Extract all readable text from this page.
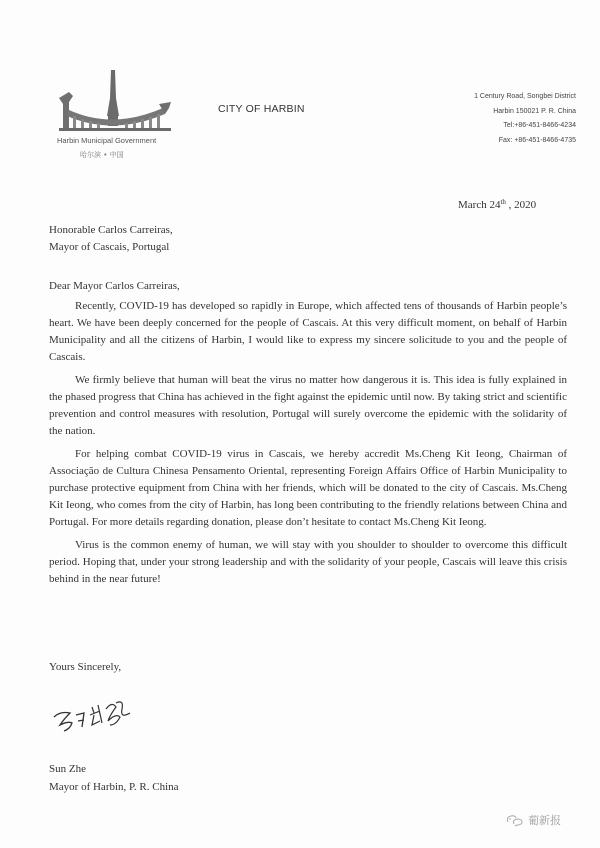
Harbin Municipal Government
哈尔滨 • 中国
CITY OF HARBIN
1 Century Road, Songbei District
Harbin 150021 P. R. China
Tel:+86-451-8466-4234
Fax: +86-451-8466-4735
March 24th , 2020
Honorable Carlos Carreiras,
Mayor of Cascais, Portugal
Dear Mayor Carlos Carreiras,

Recently, COVID-19 has developed so rapidly in Europe, which affected tens of thousands of Harbin people’s heart. We have been deeply concerned for the people of Cascais. At this very difficult moment, on behalf of Harbin Municipality and all the citizens of Harbin, I would like to express my sincere solicitude to you and the people of Cascais.

We firmly believe that human will beat the virus no matter how dangerous it is. This idea is fully explained in the phased progress that China has achieved in the fight against the epidemic until now. By taking strict and scientific prevention and control measures with resolution, Portugal will surely overcome the epidemic with the solidarity of the nation.

For helping combat COVID-19 virus in Cascais, we hereby accredit Ms.Cheng Kit Ieong, Chairman of Associação de Cultura Chinesa Pensamento Oriental, representing Foreign Affairs Office of Harbin Municipality to purchase protective equipment from China with her friends, which will be donated to the city of Cascais. Ms.Cheng Kit Ieong, who comes from the city of Harbin, has long been contributing to the friendly relations between China and Portugal. For more details regarding donation, please don’t hesitate to contact Ms.Cheng Kit Ieong.

Virus is the common enemy of human, we will stay with you shoulder to shoulder to overcome this difficult period. Hoping that, under your strong leadership and with the solidarity of your people, Cascais will leave this crisis behind in the near future!

Yours Sincerely,
Sun Zhe
Mayor of Harbin, P. R. China
葡新报
